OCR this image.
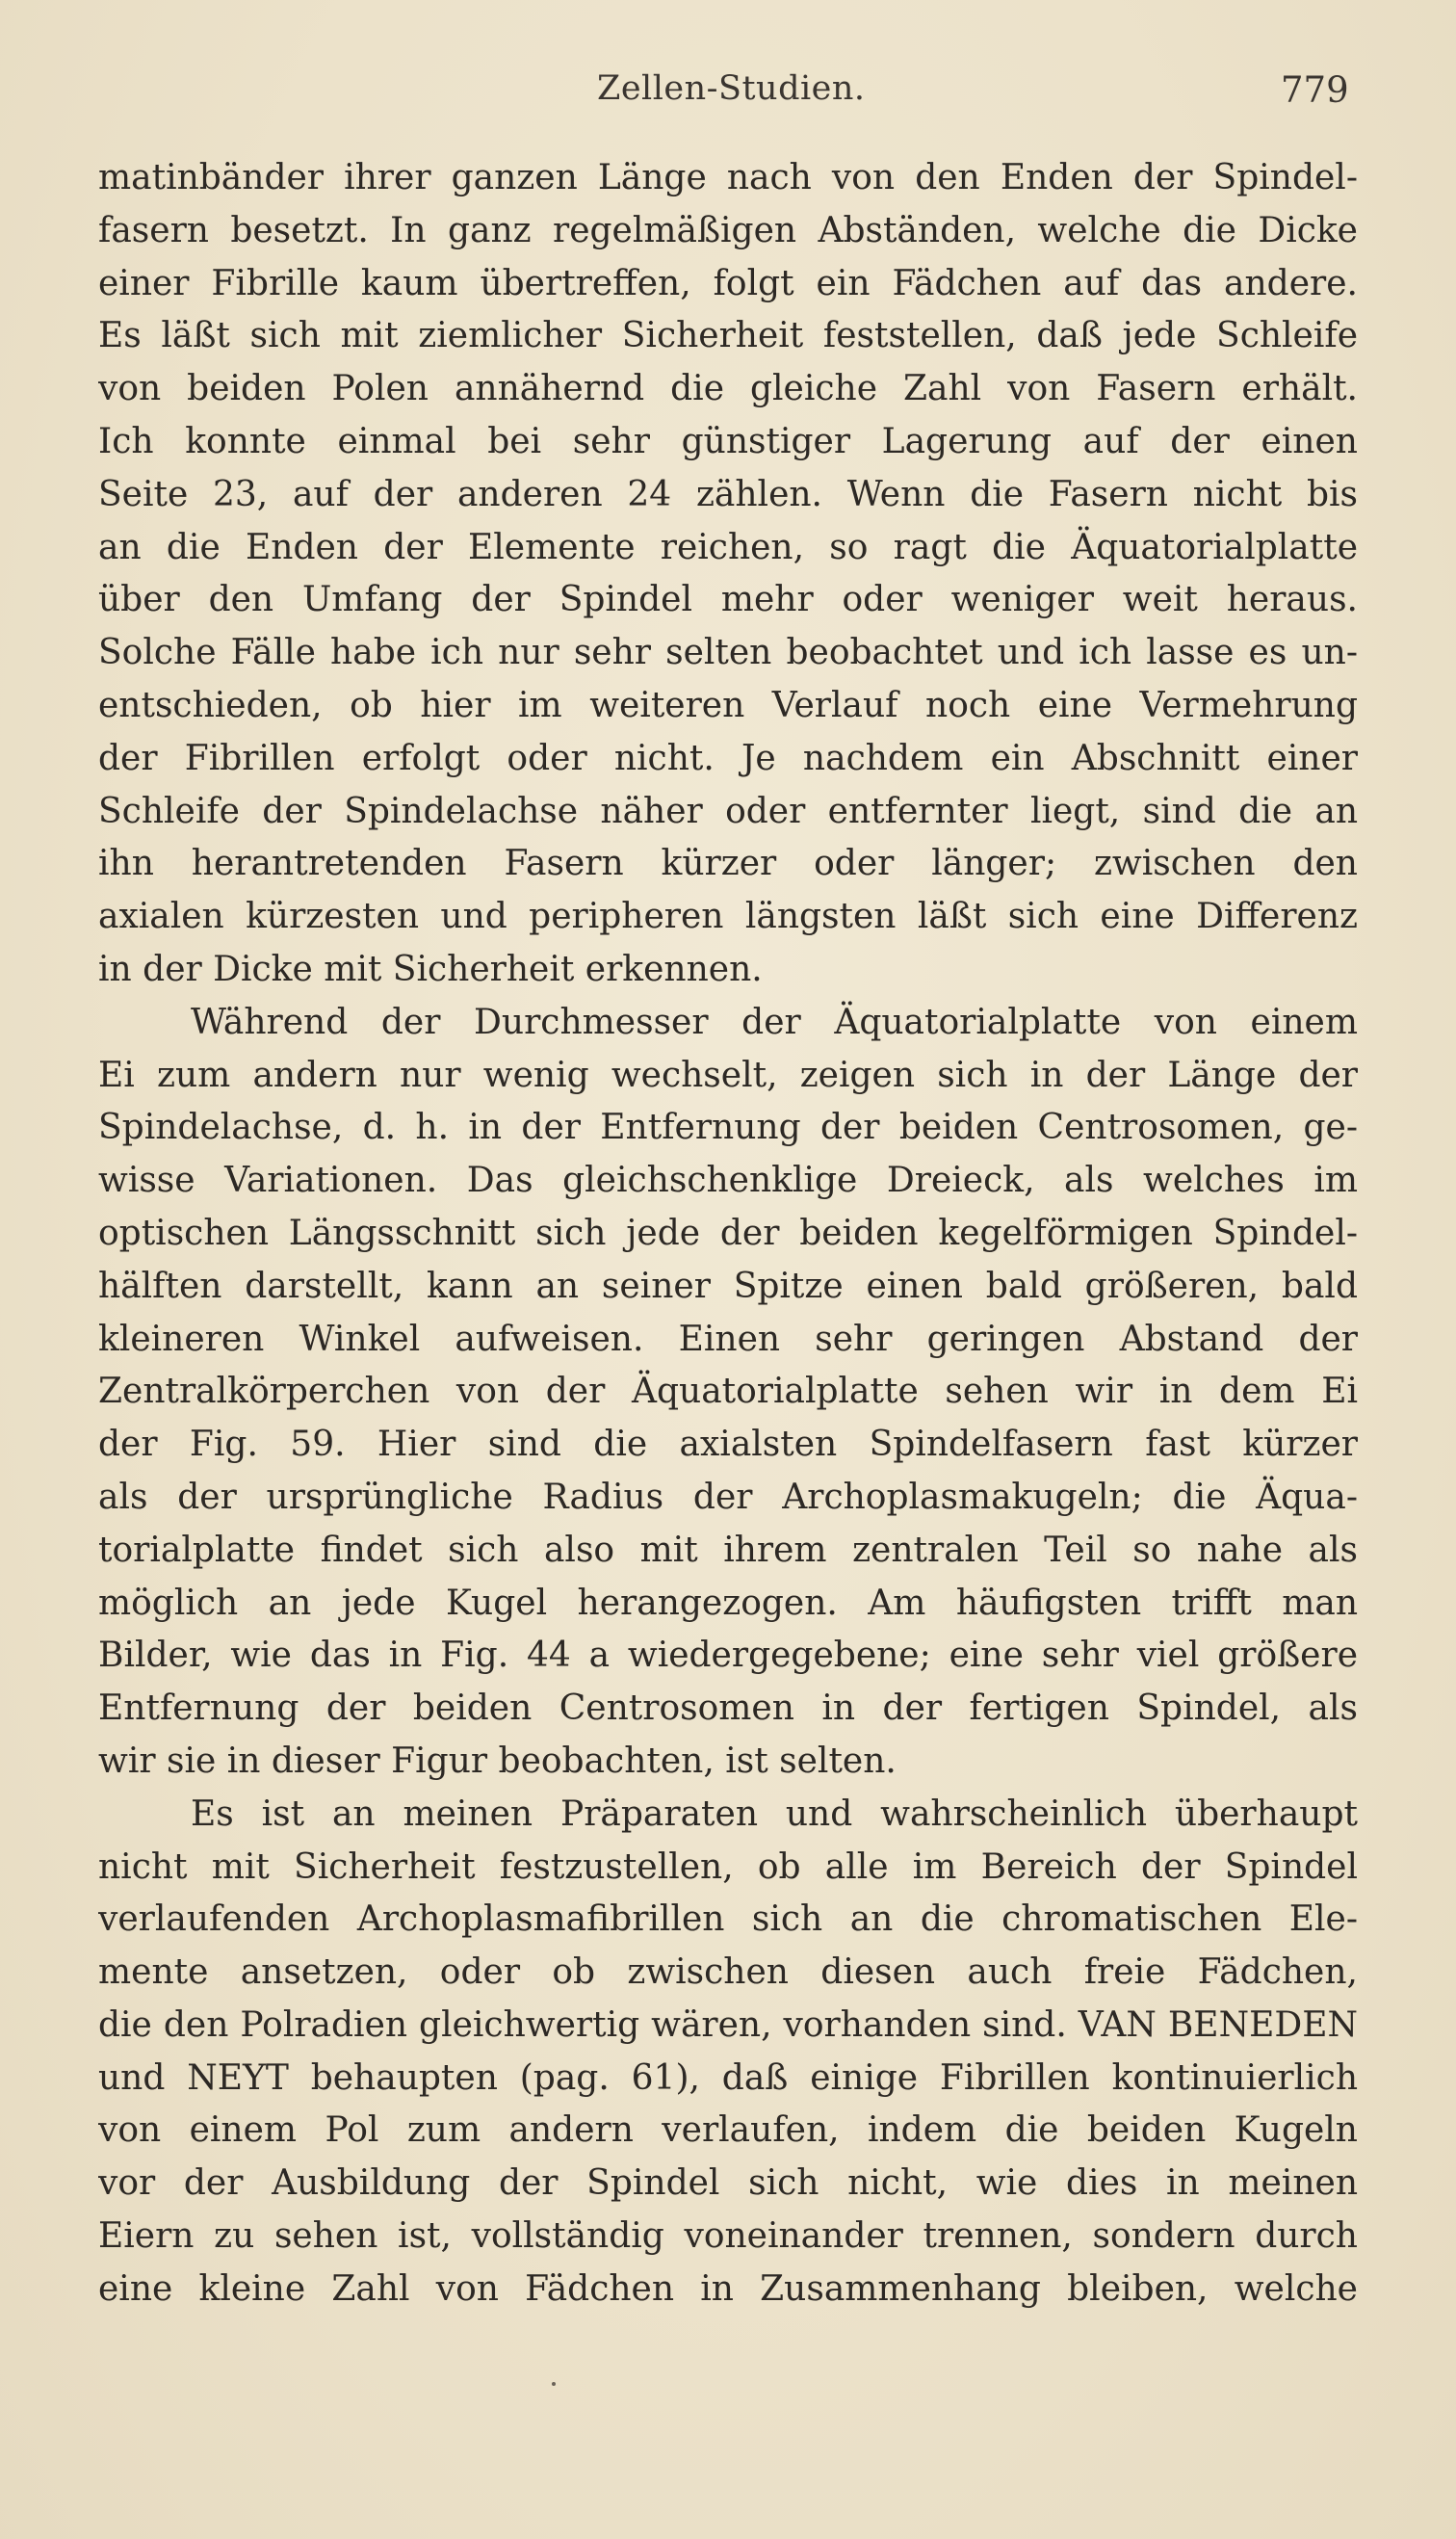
Zellen-Studien.	779
matinbänder ihrer ganzen Länge nach von den Enden der Spindel-
fasern besetzt. In ganz regelmäßigen Abständen, welche die Dicke
einer Fibrille kaum übertreffen, folgt ein Fädchen auf das andere.
Es läßt sich mit ziemlicher Sicherheit feststellen, daß jede Schleife
von beiden Polen annähernd die gleiche Zahl von Fasern erhält.
Ich konnte einmal bei sehr günstiger Lagerung auf der einen
Seite 23, auf der anderen 24 zählen. Wenn die Fasern nicht bis
an die Enden der Elemente reichen, so ragt die Äquatorialplatte
über den Umfang der Spindel mehr oder weniger weit heraus.
Solche Fälle habe ich nur sehr selten beobachtet und ich lasse es un-
entschieden, ob hier im weiteren Verlauf noch eine Vermehrung
der Fibrillen erfolgt oder nicht. Je nachdem ein Abschnitt einer
Schleife der Spindelachse näher oder entfernter liegt, sind die an
ihn herantretenden Fasern kürzer oder länger; zwischen den
axialen kürzesten und peripheren längsten läßt sich eine Differenz
in der Dicke mit Sicherheit erkennen.
Während der Durchmesser der Äquatorialplatte von einem
Ei zum andern nur wenig wechselt, zeigen sich in der Länge der
Spindelachse, d. h. in der Entfernung der beiden Centrosomen, ge-
wisse Variationen. Das gleichschenklige Dreieck, als welches im
optischen Längsschnitt sich jede der beiden kegelförmigen Spindel-
hälften darstellt, kann an seiner Spitze einen bald größeren, bald
kleineren Winkel aufweisen. Einen sehr geringen Abstand der
Zentralkörperchen von der Äquatorialplatte sehen wir in dem Ei
der Fig. 59. Hier sind die axialsten Spindelfasern fast kürzer
als der ursprüngliche Radius der Archoplasmakugeln; die Äqua-
torialplatte findet sich also mit ihrem zentralen Teil so nahe als
möglich an jede Kugel herangezogen. Am häufigsten trifft man
Bilder, wie das in Fig. 44 a wiedergegebene; eine sehr viel größere
Entfernung der beiden Centrosomen in der fertigen Spindel, als
wir sie in dieser Figur beobachten, ist selten.
Es ist an meinen Präparaten und wahrscheinlich überhaupt
nicht mit Sicherheit festzustellen, ob alle im Bereich der Spindel
verlaufenden Archoplasmafibrillen sich an die chromatischen Ele-
mente ansetzen, oder ob zwischen diesen auch freie Fädchen,
die den Polradien gleichwertig wären, vorhanden sind. VAN BENEDEN
und NEYT behaupten (pag. 61), daß einige Fibrillen kontinuierlich
von einem Pol zum andern verlaufen, indem die beiden Kugeln
vor der Ausbildung der Spindel sich nicht, wie dies in meinen
Eiern zu sehen ist, vollständig voneinander trennen, sondern durch
eine kleine Zahl von Fädchen in Zusammenhang bleiben, welche
